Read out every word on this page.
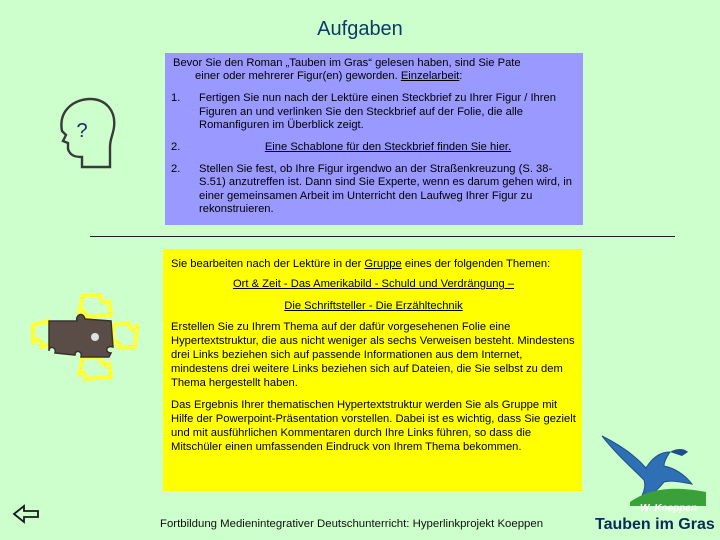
Aufgaben
?
Bevor Sie den Roman „Tauben im Gras“ gelesen haben, sind Sie Pate
einer oder mehrerer Figur(en) geworden. Einzelarbeit:
1.	Fertigen Sie nun nach der Lektüre einen Steckbrief zu Ihrer Figur / Ihren Figuren an und verlinken Sie den Steckbrief auf der Folie, die alle Romanfiguren im Überblick zeigt.
2.	Eine Schablone für den Steckbrief finden Sie hier.
2.	Stellen Sie fest, ob Ihre Figur irgendwo an der Straßenkreuzung (S. 38-S.51) anzutreffen ist. Dann sind Sie Experte, wenn es darum gehen wird, in einer gemeinsamen Arbeit im Unterricht den Laufweg Ihrer Figur zu rekonstruieren.
Sie bearbeiten nach der Lektüre in der Gruppe eines der folgenden Themen:
Ort & Zeit - Das Amerikabild - Schuld und Verdrängung –
Die Schriftsteller - Die Erzähltechnik

Erstellen Sie zu Ihrem Thema auf der dafür vorgesehenen Folie eine Hypertextstruktur, die aus nicht weniger als sechs Verweisen besteht. Mindestens drei Links beziehen sich auf passende Informationen aus dem Internet, mindestens drei weitere Links beziehen sich auf Dateien, die Sie selbst zu dem Thema hergestellt haben.

Das Ergebnis Ihrer thematischen Hypertextstruktur werden Sie als Gruppe mit Hilfe der Powerpoint-Präsentation vorstellen. Dabei ist es wichtig, dass Sie gezielt und mit ausführlichen Kommentaren durch Ihre Links führen, so dass die Mitschüler einen umfassenden Eindruck von Ihrem Thema bekommen.

W. Koeppen
Tauben im Gras
Fortbildung Medienintegrativer Deutschunterricht: Hyperlinkprojekt Koeppen
